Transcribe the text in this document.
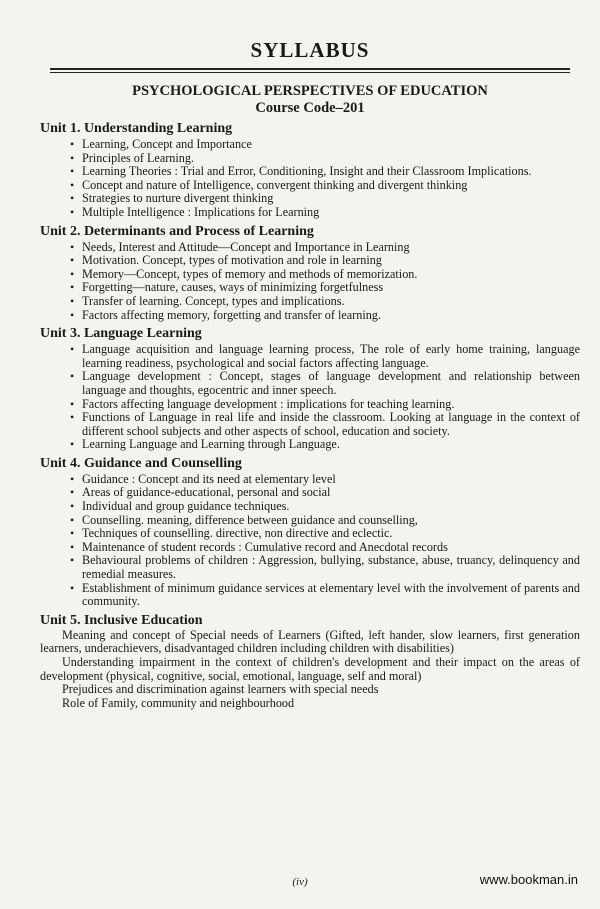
SYLLABUS
PSYCHOLOGICAL PERSPECTIVES OF EDUCATION
Course Code–201
Unit 1. Understanding Learning
• Learning, Concept and Importance
• Principles of Learning.
• Learning Theories : Trial and Error, Conditioning, Insight and their Classroom Implications.
• Concept and nature of Intelligence, convergent thinking and divergent thinking
• Strategies to nurture divergent thinking
• Multiple Intelligence : Implications for Learning
Unit 2. Determinants and Process of Learning
• Needs, Interest and Attitude—Concept and Importance in Learning
• Motivation. Concept, types of motivation and role in learning
• Memory—Concept, types of memory and methods of memorization.
• Forgetting—nature, causes, ways of minimizing forgetfulness
• Transfer of learning. Concept, types and implications.
• Factors affecting memory, forgetting and transfer of learning.
Unit 3. Language Learning
• Language acquisition and language learning process, The role of early home training, language learning readiness, psychological and social factors affecting language.
• Language development : Concept, stages of language development and relationship between language and thoughts, egocentric and inner speech.
• Factors affecting language development : implications for teaching learning.
• Functions of Language in real life and inside the classroom. Looking at language in the context of different school subjects and other aspects of school, education and society.
• Learning Language and Learning through Language.
Unit 4. Guidance and Counselling
• Guidance : Concept and its need at elementary level
• Areas of guidance-educational, personal and social
• Individual and group guidance techniques.
• Counselling. meaning, difference between guidance and counselling,
• Techniques of counselling. directive, non directive and eclectic.
• Maintenance of student records : Cumulative record and Anecdotal records
• Behavioural problems of children : Aggression, bullying, substance, abuse, truancy, delinquency and remedial measures.
• Establishment of minimum guidance services at elementary level with the involvement of parents and community.
Unit 5. Inclusive Education

Meaning and concept of Special needs of Learners (Gifted, left hander, slow learners, first generation learners, underachievers, disadvantaged children including children with disabilities)

Understanding impairment in the context of children's development and their impact on the areas of development (physical, cognitive, social, emotional, language, self and moral)

Prejudices and discrimination against learners with special needs

Role of Family, community and neighbourhood

(iv)	www.bookman.in
